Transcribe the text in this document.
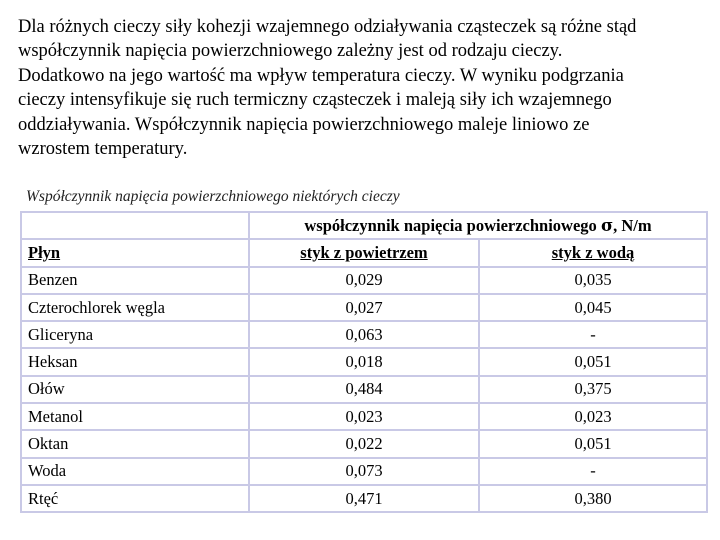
Dla różnych cieczy siły kohezji wzajemnego odziaływania cząsteczek są różne stąd
współczynnik napięcia powierzchniowego zależny jest od rodzaju cieczy.
Dodatkowo na jego wartość ma wpływ temperatura cieczy. W wyniku podgrzania
cieczy intensyfikuje się ruch termiczny cząsteczek i maleją siły ich wzajemnego
oddziaływania. Współczynnik napięcia powierzchniowego maleje liniowo ze
wzrostem temperatury.
Współczynnik napięcia powierzchniowego niektórych cieczy
	współczynnik napięcia powierzchniowego σ, N/m	
Płyn	styk z powietrzem	styk z wodą
Benzen	0,029	0,035
Czterochlorek węgla	0,027	0,045
Gliceryna	0,063	-
Heksan	0,018	0,051
Ołów	0,484	0,375
Metanol	0,023	0,023
Oktan	0,022	0,051
Woda	0,073	-
Rtęć	0,471	0,380
